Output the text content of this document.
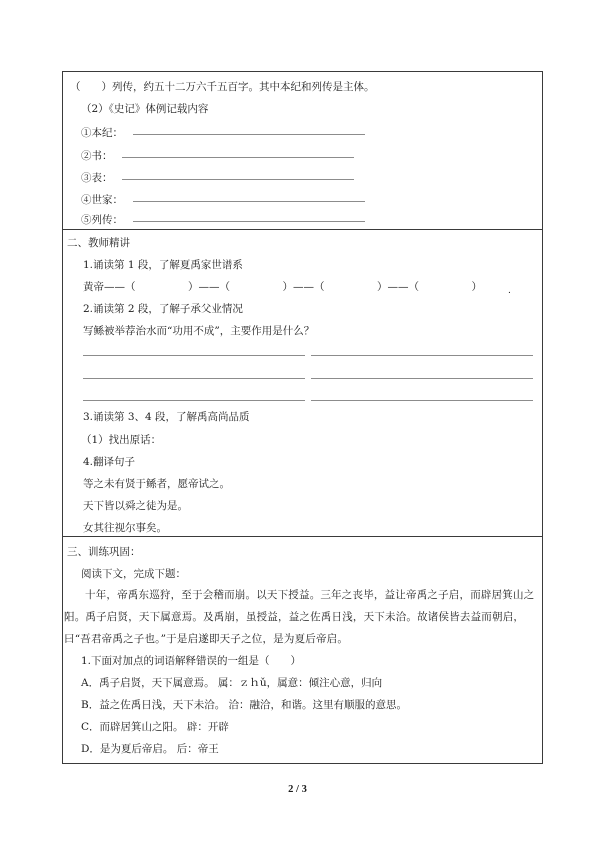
（　　）列传，约五十二万六千五百字。其中本纪和列传是主体。
（2）《史记》体例记载内容
①本纪：
②书：
③表：
④世家：
⑤列传：
二、教师精讲
1.诵读第 1 段，了解夏禹家世谱系
黄帝——（　　　　　）——（　　　　　）——（　　　　　）——（　　　　　）	.
2.诵读第 2 段，了解子承父业情况
写鲧被举荐治水而“功用不成”，主要作用是什么？
3.诵读第 3、4 段，了解禹高尚品质
（1）找出原话：
4.翻译句子
等之未有贤于鲧者，愿帝试之。
天下皆以舜之徒为是。
女其往视尔事矣。
三、训练巩固：
阅读下文，完成下题：
十年，帝禹东巡狩，至于会稽而崩。以天下授益。三年之丧毕，益让帝禹之子启，而辟居箕山之阳。禹子启贤，天下属意焉。及禹崩，虽授益，益之佐禹日浅，天下未洽。故诸侯皆去益而朝启，曰“吾君帝禹之子也。”于是启遂即天子之位，是为夏后帝启。
1.下面对加点的词语解释错误的一组是（　　）
A．禹子启贤，天下属意焉。 属：ｚｈǔ，属意：倾注心意，归向
B．益之佐禹日浅，天下未洽。 洽：融洽，和谐。这里有顺服的意思。
C．而辟居箕山之阳。 辟：开辟
D．是为夏后帝启。 后：帝王
2 / 3
